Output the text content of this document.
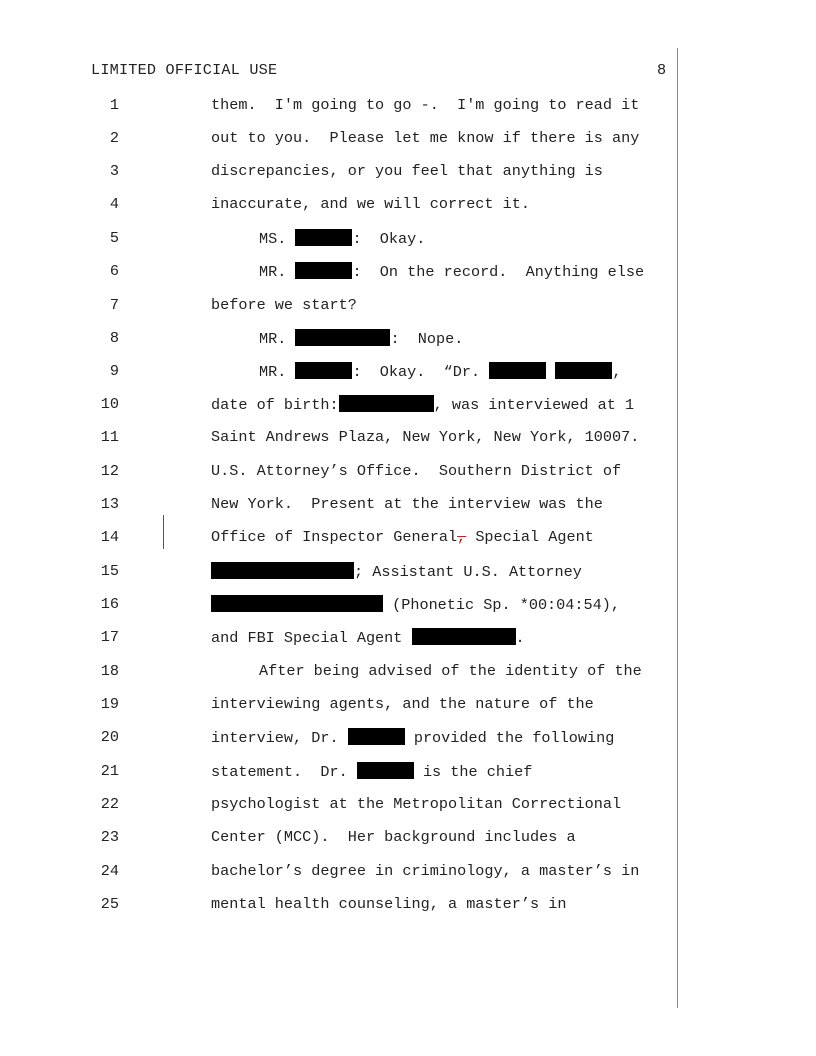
LIMITED OFFICIAL USE	8
1	them.  I'm going to go -.  I'm going to read it
2	out to you.  Please let me know if there is any
3	discrepancies, or you feel that anything is
4	inaccurate, and we will correct it.
5	MS.	:  Okay.
6	MR.	:  On the record.  Anything else
7	before we start?
8	MR.	:  Nope.
9	MR.	:  Okay.  “Dr.	,
10	date of birth:	, was interviewed at 1
11	Saint Andrews Plaza, New York, New York, 10007.
12	U.S. Attorney’s Office.  Southern District of
13	New York.  Present at the interview was the
14	Office of Inspector General, Special Agent
15	; Assistant U.S. Attorney
16	(Phonetic Sp. *00:04:54),
17	and FBI Special Agent	.
18	After being advised of the identity of the
19	interviewing agents, and the nature of the
20	interview, Dr.	provided the following
21	statement.  Dr.	is the chief
22	psychologist at the Metropolitan Correctional
23	Center (MCC).  Her background includes a
24	bachelor’s degree in criminology, a master’s in
25	mental health counseling, a master’s in
